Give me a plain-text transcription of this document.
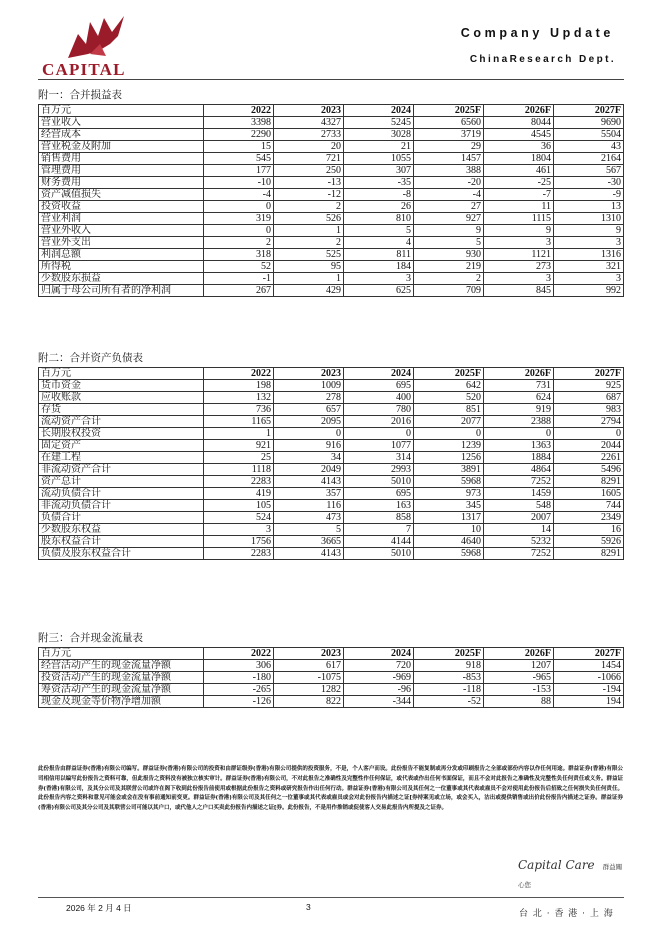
CAPITAL
Company Update
ChinaResearch Dept.
附一：合并损益表
百万元	2022	2023	2024	2025F	2026F	2027F
营业收入	3398	4327	5245	6560	8044	9690
经营成本	2290	2733	3028	3719	4545	5504
营业税金及附加	15	20	21	29	36	43
销售费用	545	721	1055	1457	1804	2164
管理费用	177	250	307	388	461	567
财务费用	-10	-13	-35	-20	-25	-30
资产减值损失	-4	-12	-8	-4	-7	-9
投资收益	0	2	26	27	11	13
营业利润	319	526	810	927	1115	1310
营业外收入	0	1	5	9	9	9
营业外支出	2	2	4	5	3	3
利润总额	318	525	811	930	1121	1316
所得税	52	95	184	219	273	321
少数股东损益	-1	1	3	2	3	3
归属于母公司所有者的净利润	267	429	625	709	845	992
附二：合并资产负债表
百万元	2022	2023	2024	2025F	2026F	2027F
货币资金	198	1009	695	642	731	925
应收账款	132	278	400	520	624	687
存货	736	657	780	851	919	983
流动资产合计	1165	2095	2016	2077	2388	2794
长期股权投资	1	0	0	0	0	0
固定资产	921	916	1077	1239	1363	2044
在建工程	25	34	314	1256	1884	2261
非流动资产合计	1118	2049	2993	3891	4864	5496
资产总计	2283	4143	5010	5968	7252	8291
流动负债合计	419	357	695	973	1459	1605
非流动负债合计	105	116	163	345	548	744
负债合计	524	473	858	1317	2007	2349
少数股东权益	3	5	7	10	14	16
股东权益合计	1756	3665	4144	4640	5232	5926
负债及股东权益合计	2283	4143	5010	5968	7252	8291
附三：合并现金流量表
百万元	2022	2023	2024	2025F	2026F	2027F
经营活动产生的现金流量净额	306	617	720	918	1207	1454
投资活动产生的现金流量净额	-180	-1075	-969	-853	-965	-1066
筹资活动产生的现金流量净额	-265	1282	-96	-118	-153	-194
现金及现金等价物净增加额	-126	822	-344	-52	88	194
此份报告由群益证券(香港)有限公司编写。群益证券(香港)有限公司的投资和由群证级券(香港)有限公司提供的投资服务，不是，个人客户而设。此份报告不能复制或再分发或印刷报告之全部或部份内容以作任何用途。群益证券(香港)有限公司相信用以编写此份报告之资料可靠，但此报告之资料没有被独立核实审计。群益证券(香港)有限公司，不对此报告之准确性及完整性作任何保证，或代表或作出任何书面保证，而且不会对此报告之准确性及完整性负任何责任或义务。群益证券(香港)有限公司，及其分公司及其联营公司或许在阁下收到此份报告前使用或根据此份报告之资料或研究报告作出任何行动。群益证券(香港)有限公司及其任何之一位董事或其代表或雇员不会对使用此份报告后招致之任何损失负任何责任。此份报告内容之资料和意见可能会或会在没有事前通知前变更。群益证券(香港)有限公司及其任何之一位董事或其代表或雇员或会对此份报告内描述之证[券持案见或立场，或会买入，沽出或提供销售或出价此份报告内描述之证券。群益证券(香港)有限公司及其分公司及其联营公司可能以其户口，或代他人之户口买卖此份报告内描述之证[券。此份报告，不是用作推销或促使客人交易此报告内所提及之证券。
Capital Care 群益關心您
2026 年 2 月 4 日	3
台 北 · 香 港 · 上 海
